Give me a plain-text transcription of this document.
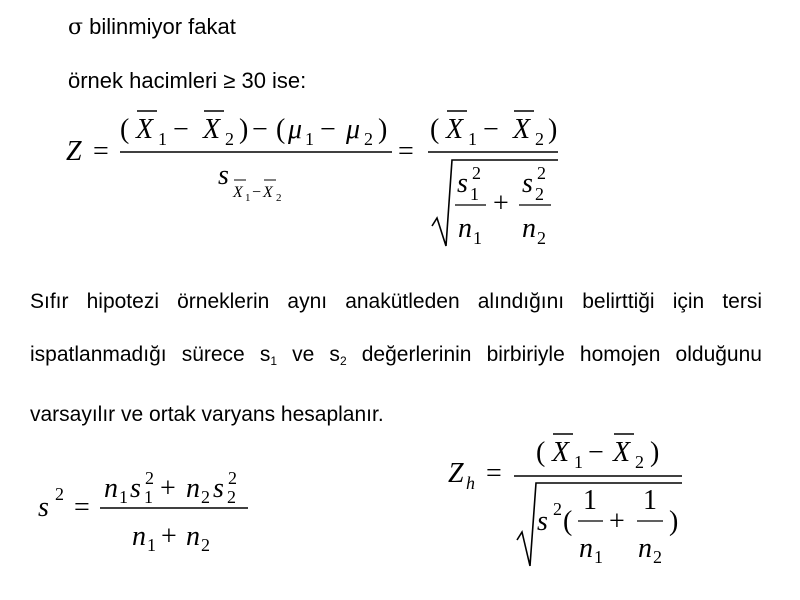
σ bilinmiyor fakat
örnek hacimleri ≥ 30 ise:
Z =
( X 1 − X 2 ) − ( μ 1 − μ 2 )
s
X 1 − X 2
=
( X 1 − X 2 )
s 2
1
n 1
+
s 2
2
n 2
Sıfır hipotezi örneklerin aynı anakütleden alındığını belirttiği için tersi ispatlanmadığı sürece $s_1$ ve $s_2$ değerlerinin birbiriyle homojen olduğunu varsayılır ve ortak varyans hesaplanır.
s 2 =
n 1 s 2
1 + n 2 s 2
2
n 1 + n 2
Z h =
( X 1 − X 2 )
s 2 (
1
n 1
+
1
n 2
)
